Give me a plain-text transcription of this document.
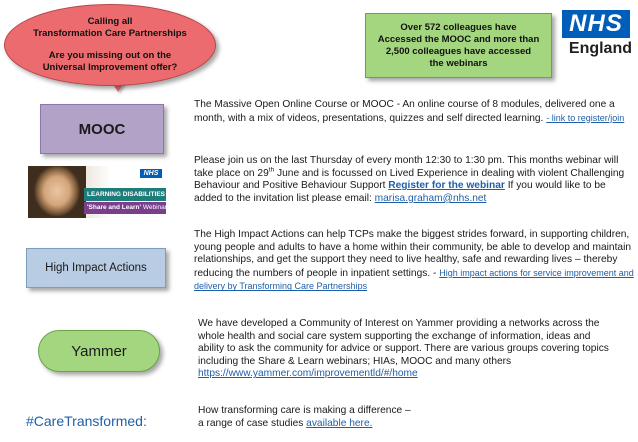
Calling all
Transformation Care Partnerships
Are you missing out on the
Universal Improvement offer?
Over 572 colleagues have
Accessed the MOOC and more than
2,500 colleagues have accessed
the webinars
NHS
England
MOOC
NHS
LEARNING DISABILITIES
'Share and Learn' Webinars
High Impact Actions
Yammer
#CareTransformed:
The Massive Open Online Course or MOOC - An online course of 8 modules, delivered one a month, with a mix of videos, presentations, quizzes and self directed learning. - link to register/join
Please join us on the last Thursday of every month 12:30 to 1:30 pm. This months webinar will take place on 29th June and is focussed on Lived Experience in dealing with violent Challenging Behaviour and Positive Behaviour Support Register for the webinar If you would like to be added to the invitation list please email: marisa.graham@nhs.net
The High Impact Actions can help TCPs make the biggest strides forward, in supporting children, young people and adults to have a home within their community, be able to develop and maintain relationships, and get the support they need to live healthy, safe and rewarding lives – thereby reducing the numbers of people in inpatient settings. - High impact actions for service improvement and delivery by Transforming Care Partnerships
We have developed a Community of Interest on Yammer providing a networks across the whole health and social care system supporting the exchange of information, ideas and ability to ask the community for advice or support. There are various groups covering topics including the Share & Learn webinars; HIAs, MOOC and many others https://www.yammer.com/improvementld/#/home
How transforming care is making a difference –
a range of case studies available here.
